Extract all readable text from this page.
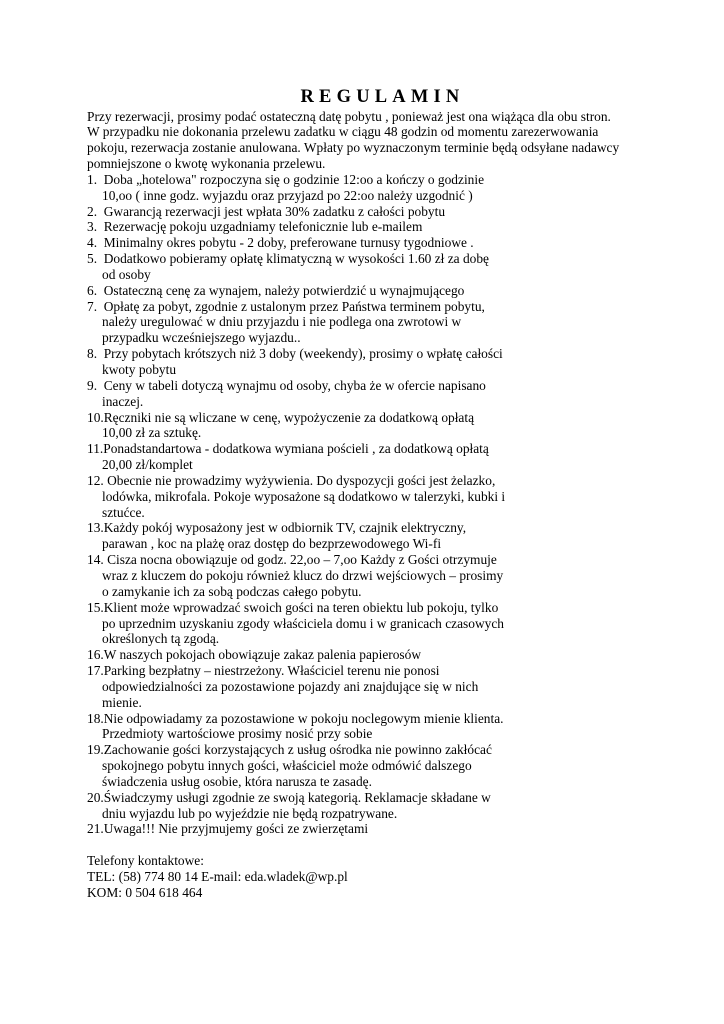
REGULAMIN
Przy rezerwacji, prosimy podać ostateczną datę pobytu , ponieważ jest ona wiążąca dla obu stron.
W przypadku nie dokonania przelewu zadatku w ciągu 48 godzin od momentu zarezerwowania
pokoju, rezerwacja zostanie anulowana. Wpłaty po wyznaczonym terminie będą odsyłane nadawcy
pomniejszone o kwotę wykonania przelewu.
1.  Doba „hotelowa" rozpoczyna się o godzinie 12:oo a kończy o godzinie
10,oo ( inne godz. wyjazdu oraz przyjazd po 22:oo należy uzgodnić )
2.  Gwarancją rezerwacji jest wpłata 30% zadatku z całości pobytu
3.  Rezerwację pokoju uzgadniamy telefonicznie lub e-mailem
4.  Minimalny okres pobytu - 2 doby, preferowane turnusy tygodniowe .
5.  Dodatkowo pobieramy opłatę klimatyczną w wysokości 1.60 zł za dobę
od osoby
6.  Ostateczną cenę za wynajem, należy potwierdzić u wynajmującego
7.  Opłatę za pobyt, zgodnie z ustalonym przez Państwa terminem pobytu,
należy uregulować w dniu przyjazdu i nie podlega ona zwrotowi w
przypadku wcześniejszego wyjazdu..
8.  Przy pobytach krótszych niż 3 doby (weekendy), prosimy o wpłatę całości
kwoty pobytu
9.  Ceny w tabeli dotyczą wynajmu od osoby, chyba że w ofercie napisano
inaczej.
10.Ręczniki nie są wliczane w cenę, wypożyczenie za dodatkową opłatą
10,00 zł za sztukę.
11.Ponadstandartowa - dodatkowa wymiana pościeli , za dodatkową opłatą
20,00 zł/komplet
12. Obecnie nie prowadzimy wyżywienia. Do dyspozycji gości jest żelazko,
lodówka, mikrofala. Pokoje wyposażone są dodatkowo w talerzyki, kubki i
sztućce.
13.Każdy pokój wyposażony jest w odbiornik TV, czajnik elektryczny,
parawan , koc na plażę oraz dostęp do bezprzewodowego Wi-fi
14. Cisza nocna obowiązuje od godz. 22,oo – 7,oo Każdy z Gości otrzymuje
wraz z kluczem do pokoju również klucz do drzwi wejściowych – prosimy
o zamykanie ich za sobą podczas całego pobytu.
15.Klient może wprowadzać swoich gości na teren obiektu lub pokoju, tylko
po uprzednim uzyskaniu zgody właściciela domu i w granicach czasowych
określonych tą zgodą.
16.W naszych pokojach obowiązuje zakaz palenia papierosów
17.Parking bezpłatny – niestrzeżony. Właściciel terenu nie ponosi
odpowiedzialności za pozostawione pojazdy ani znajdujące się w nich
mienie.
18.Nie odpowiadamy za pozostawione w pokoju noclegowym mienie klienta.
Przedmioty wartościowe prosimy nosić przy sobie
19.Zachowanie gości korzystających z usług ośrodka nie powinno zakłócać
spokojnego pobytu innych gości, właściciel może odmówić dalszego
świadczenia usług osobie, która narusza te zasadę.
20.Świadczymy usługi zgodnie ze swoją kategorią. Reklamacje składane w
dniu wyjazdu lub po wyjeździe nie będą rozpatrywane.
21.Uwaga!!! Nie przyjmujemy gości ze zwierzętami
Telefony kontaktowe:
TEL: (58) 774 80 14 E-mail: eda.wladek@wp.pl
KOM: 0 504 618 464
